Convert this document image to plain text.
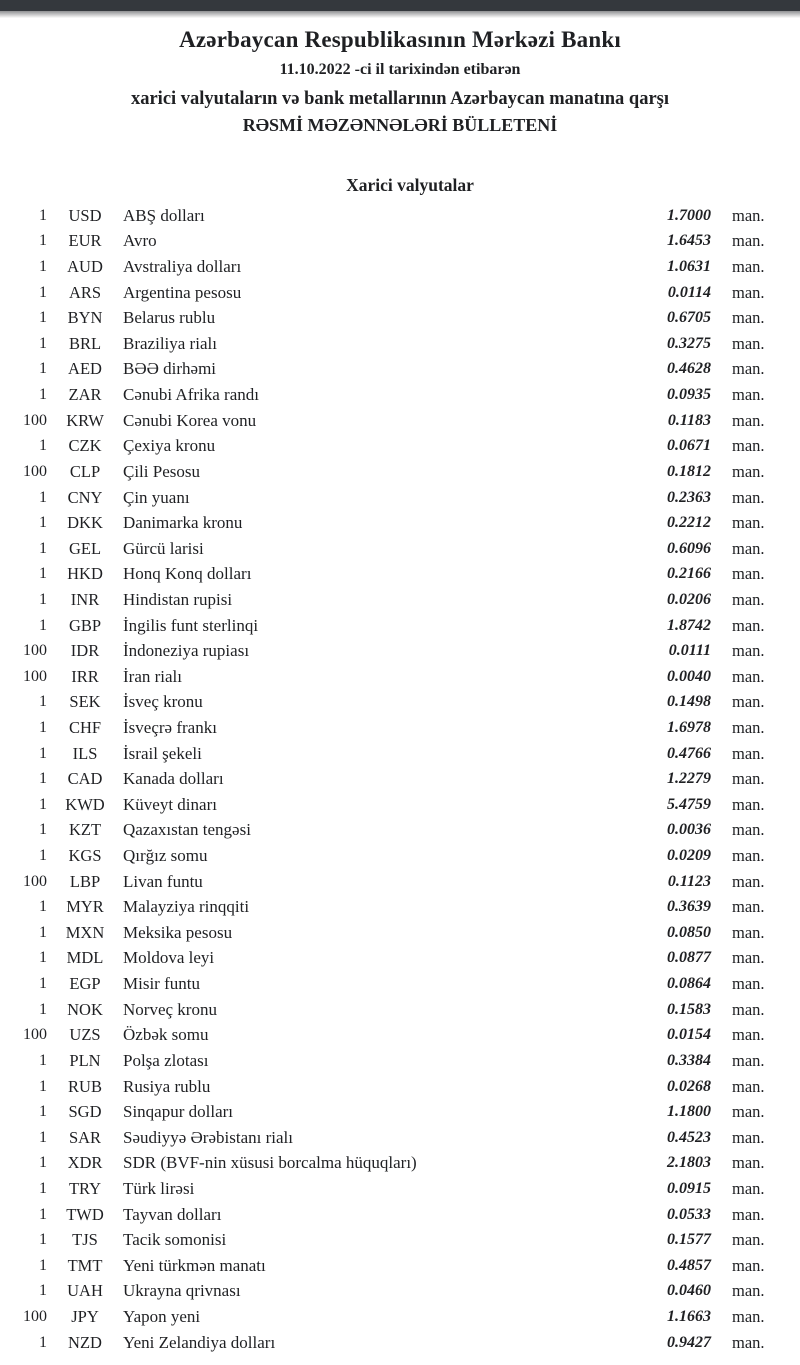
Azərbaycan Respublikasının Mərkəzi Bankı
11.10.2022 -ci il tarixindən etibarən
xarici valyutaların və bank metallarının Azərbaycan manatına qarşı
RƏSMİ MƏZƏNNƏLƏRİ BÜLLETENİ
Xarici valyutalar
1	USD	ABŞ dolları	1.7000	man.
1	EUR	Avro	1.6453	man.
1	AUD	Avstraliya dolları	1.0631	man.
1	ARS	Argentina pesosu	0.0114	man.
1	BYN	Belarus rublu	0.6705	man.
1	BRL	Braziliya rialı	0.3275	man.
1	AED	BƏƏ dirhəmi	0.4628	man.
1	ZAR	Cənubi Afrika randı	0.0935	man.
100	KRW	Cənubi Korea vonu	0.1183	man.
1	CZK	Çexiya kronu	0.0671	man.
100	CLP	Çili Pesosu	0.1812	man.
1	CNY	Çin yuanı	0.2363	man.
1	DKK	Danimarka kronu	0.2212	man.
1	GEL	Gürcü larisi	0.6096	man.
1	HKD	Honq Konq dolları	0.2166	man.
1	INR	Hindistan rupisi	0.0206	man.
1	GBP	İngilis funt sterlinqi	1.8742	man.
100	IDR	İndoneziya rupiası	0.0111	man.
100	IRR	İran rialı	0.0040	man.
1	SEK	İsveç kronu	0.1498	man.
1	CHF	İsveçrə frankı	1.6978	man.
1	ILS	İsrail şekeli	0.4766	man.
1	CAD	Kanada dolları	1.2279	man.
1	KWD	Küveyt dinarı	5.4759	man.
1	KZT	Qazaxıstan tengəsi	0.0036	man.
1	KGS	Qırğız somu	0.0209	man.
100	LBP	Livan funtu	0.1123	man.
1	MYR	Malayziya rinqqiti	0.3639	man.
1	MXN	Meksika pesosu	0.0850	man.
1	MDL	Moldova leyi	0.0877	man.
1	EGP	Misir funtu	0.0864	man.
1	NOK	Norveç kronu	0.1583	man.
100	UZS	Özbək somu	0.0154	man.
1	PLN	Polşa zlotası	0.3384	man.
1	RUB	Rusiya rublu	0.0268	man.
1	SGD	Sinqapur dolları	1.1800	man.
1	SAR	Səudiyyə Ərəbistanı rialı	0.4523	man.
1	XDR	SDR (BVF-nin xüsusi borcalma hüquqları)	2.1803	man.
1	TRY	Türk lirəsi	0.0915	man.
1	TWD	Tayvan dolları	0.0533	man.
1	TJS	Tacik somonisi	0.1577	man.
1	TMT	Yeni türkmən manatı	0.4857	man.
1	UAH	Ukrayna qrivnası	0.0460	man.
100	JPY	Yapon yeni	1.1663	man.
1	NZD	Yeni Zelandiya dolları	0.9427	man.
